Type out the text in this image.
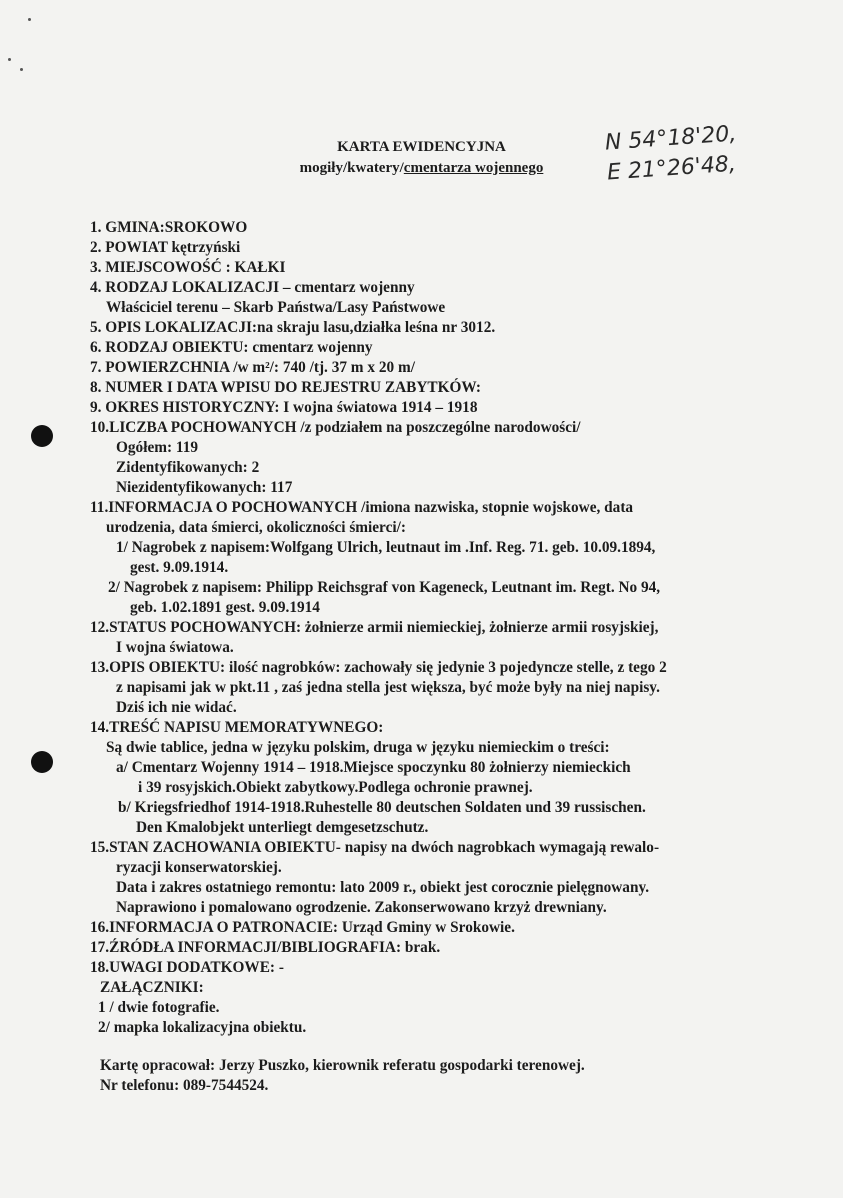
KARTA EWIDENCYJNA
mogiły/kwatery/cmentarza wojennego
N 54°18'20,
E 21°26'48,
1. GMINA:SROKOWO
2. POWIAT kętrzyński
3. MIEJSCOWOŚĆ : KAŁKI
4. RODZAJ LOKALIZACJI – cmentarz wojenny
Właściciel terenu – Skarb Państwa/Lasy Państwowe
5. OPIS LOKALIZACJI:na skraju lasu,działka leśna nr 3012.
6. RODZAJ OBIEKTU: cmentarz wojenny
7. POWIERZCHNIA /w m²/: 740 /tj. 37 m x 20 m/
8. NUMER I DATA WPISU DO REJESTRU ZABYTKÓW:
9. OKRES HISTORYCZNY: I wojna światowa 1914 – 1918
10.LICZBA POCHOWANYCH /z podziałem na poszczególne narodowości/
Ogółem: 119
Zidentyfikowanych: 2
Niezidentyfikowanych: 117
11.INFORMACJA O POCHOWANYCH /imiona nazwiska, stopnie wojskowe, data
urodzenia, data śmierci, okoliczności śmierci/:
1/ Nagrobek z napisem:Wolfgang Ulrich, leutnaut im .Inf. Reg. 71. geb. 10.09.1894,
gest. 9.09.1914.
2/ Nagrobek z napisem: Philipp Reichsgraf von Kageneck, Leutnant im. Regt. No 94,
geb. 1.02.1891 gest. 9.09.1914
12.STATUS POCHOWANYCH: żołnierze armii niemieckiej, żołnierze armii rosyjskiej,
I wojna światowa.
13.OPIS OBIEKTU: ilość nagrobków: zachowały się jedynie 3 pojedyncze stelle, z tego 2
z napisami jak w pkt.11 , zaś jedna stella jest większa, być może były na niej napisy.
Dziś ich nie widać.
14.TREŚĆ NAPISU MEMORATYWNEGO:
Są dwie tablice, jedna w języku polskim, druga w języku niemieckim o treści:
a/ Cmentarz Wojenny 1914 – 1918.Miejsce spoczynku 80 żołnierzy niemieckich
i 39 rosyjskich.Obiekt zabytkowy.Podlega ochronie prawnej.
b/ Kriegsfriedhof 1914-1918.Ruhestelle 80 deutschen Soldaten und 39 russischen.
Den Kmalobjekt unterliegt demgesetzschutz.
15.STAN ZACHOWANIA OBIEKTU- napisy na dwóch nagrobkach wymagają rewalo-
ryzacji konserwatorskiej.
Data i zakres ostatniego remontu: lato 2009 r., obiekt jest corocznie pielęgnowany.
Naprawiono i pomalowano ogrodzenie. Zakonserwowano krzyż drewniany.
16.INFORMACJA O PATRONACIE: Urząd Gminy w Srokowie.
17.ŹRÓDŁA INFORMACJI/BIBLIOGRAFIA: brak.
18.UWAGI DODATKOWE: -
ZAŁĄCZNIKI:
1 / dwie fotografie.
2/ mapka lokalizacyjna obiektu.
Kartę opracował: Jerzy Puszko, kierownik referatu gospodarki terenowej.
Nr telefonu: 089-7544524.
